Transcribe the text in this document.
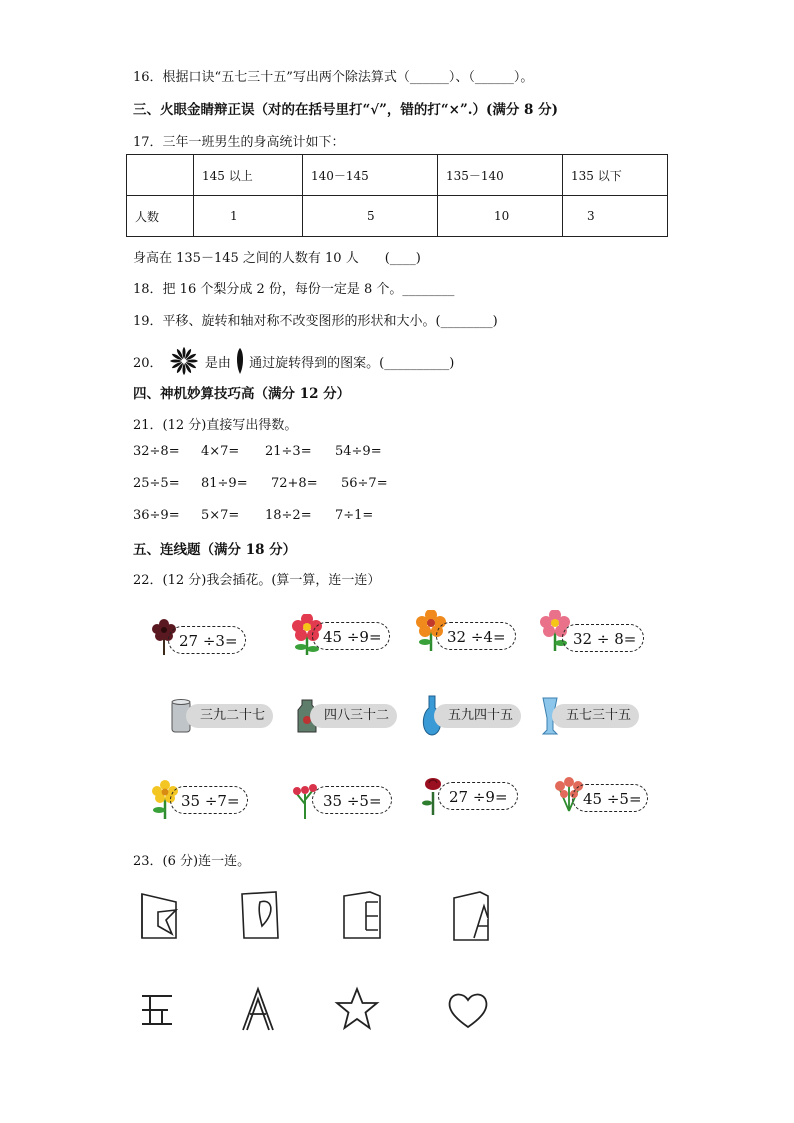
16．根据口诀“五七三十五”写出两个除法算式（______）、（______）。
三、火眼金睛辩正误（对的在括号里打“√”，错的打“×”.）(满分 8 分)
17．三年一班男生的身高统计如下：
	145 以上	140－145	135－140	135 以下
人数	1	5	10	3
身高在 135－145 之间的人数有 10 人　　(____)
18．把 16 个梨分成 2 份，每份一定是 8 个。________
19．平移、旋转和轴对称不改变图形的形状和大小。(________)
20．	是由 通过旋转得到的图案。(__________)
四、神机妙算技巧高（满分 12 分）
21．(12 分)直接写出得数。
32÷8= 4×7= 21÷3= 54÷9=
25÷5= 81÷9= 72+8= 56÷7=
36÷9= 5×7= 18÷2= 7÷1=
五、连线题（满分 18 分）
22．(12 分)我会插花。(算一算，连一连）
27 ÷3=	45 ÷9=	32 ÷4=	32 ÷ 8=
三九二十七	四八三十二	五九四十五	五七三十五
35 ÷7=	35 ÷5=	27 ÷9=	45 ÷5=
23．(6 分)连一连。
